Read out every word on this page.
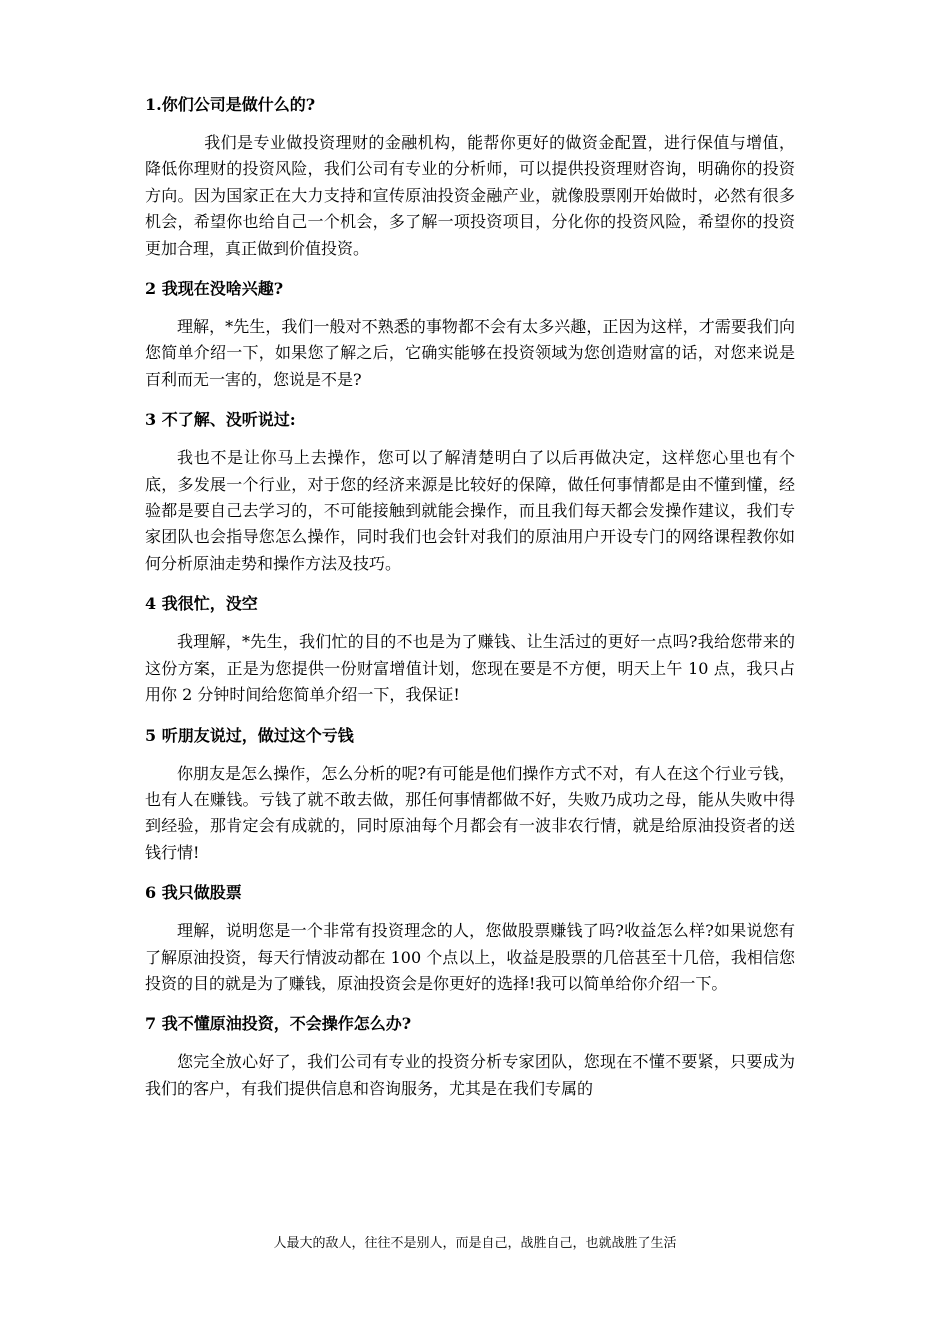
1.你们公司是做什么的?

我们是专业做投资理财的金融机构，能帮你更好的做资金配置，进行保值与增值，降低你理财的投资风险，我们公司有专业的分析师，可以提供投资理财咨询，明确你的投资方向。因为国家正在大力支持和宣传原油投资金融产业，就像股票刚开始做时，必然有很多机会，希望你也给自己一个机会，多了解一项投资项目，分化你的投资风险，希望你的投资更加合理，真正做到价值投资。

2 我现在没啥兴趣?

理解，*先生，我们一般对不熟悉的事物都不会有太多兴趣，正因为这样，才需要我们向您简单介绍一下，如果您了解之后，它确实能够在投资领域为您创造财富的话，对您来说是百利而无一害的，您说是不是?

3 不了解、没听说过:

我也不是让你马上去操作，您可以了解清楚明白了以后再做决定，这样您心里也有个底，多发展一个行业，对于您的经济来源是比较好的保障，做任何事情都是由不懂到懂，经验都是要自己去学习的，不可能接触到就能会操作，而且我们每天都会发操作建议，我们专家团队也会指导您怎么操作，同时我们也会针对我们的原油用户开设专门的网络课程教你如何分析原油走势和操作方法及技巧。

4 我很忙，没空

我理解，*先生，我们忙的目的不也是为了赚钱、让生活过的更好一点吗?我给您带来的这份方案，正是为您提供一份财富增值计划，您现在要是不方便，明天上午 10 点，我只占用你 2 分钟时间给您简单介绍一下，我保证!

5 听朋友说过，做过这个亏钱

你朋友是怎么操作，怎么分析的呢?有可能是他们操作方式不对，有人在这个行业亏钱，也有人在赚钱。亏钱了就不敢去做，那任何事情都做不好，失败乃成功之母，能从失败中得到经验，那肯定会有成就的，同时原油每个月都会有一波非农行情，就是给原油投资者的送钱行情!

6 我只做股票

理解，说明您是一个非常有投资理念的人，您做股票赚钱了吗?收益怎么样?如果说您有了解原油投资，每天行情波动都在 100 个点以上，收益是股票的几倍甚至十几倍，我相信您投资的目的就是为了赚钱，原油投资会是你更好的选择!我可以简单给你介绍一下。

7 我不懂原油投资，不会操作怎么办?

您完全放心好了，我们公司有专业的投资分析专家团队，您现在不懂不要紧，只要成为我们的客户，有我们提供信息和咨询服务，尤其是在我们专属的

人最大的敌人，往往不是别人，而是自己，战胜自己，也就战胜了生活
